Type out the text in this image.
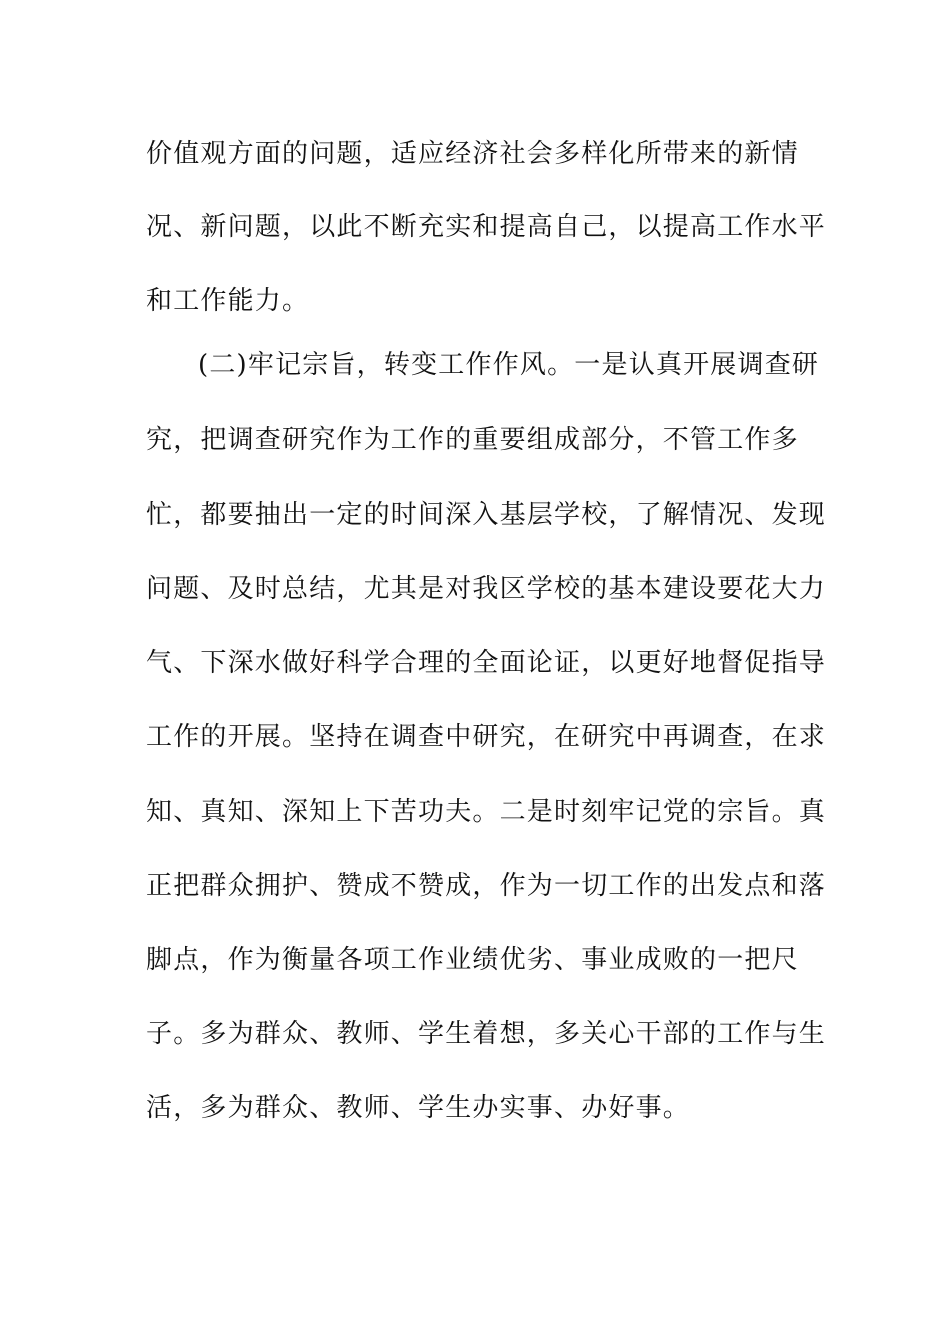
价值观方面的问题，适应经济社会多样化所带来的新情
况、新问题，以此不断充实和提高自己，以提高工作水平
和工作能力。
(二)牢记宗旨，转变工作作风。一是认真开展调查研
究，把调查研究作为工作的重要组成部分，不管工作多
忙，都要抽出一定的时间深入基层学校，了解情况、发现
问题、及时总结，尤其是对我区学校的基本建设要花大力
气、下深水做好科学合理的全面论证，以更好地督促指导
工作的开展。坚持在调查中研究，在研究中再调查，在求
知、真知、深知上下苦功夫。二是时刻牢记党的宗旨。真
正把群众拥护、赞成不赞成，作为一切工作的出发点和落
脚点，作为衡量各项工作业绩优劣、事业成败的一把尺
子。多为群众、教师、学生着想，多关心干部的工作与生
活，多为群众、教师、学生办实事、办好事。
